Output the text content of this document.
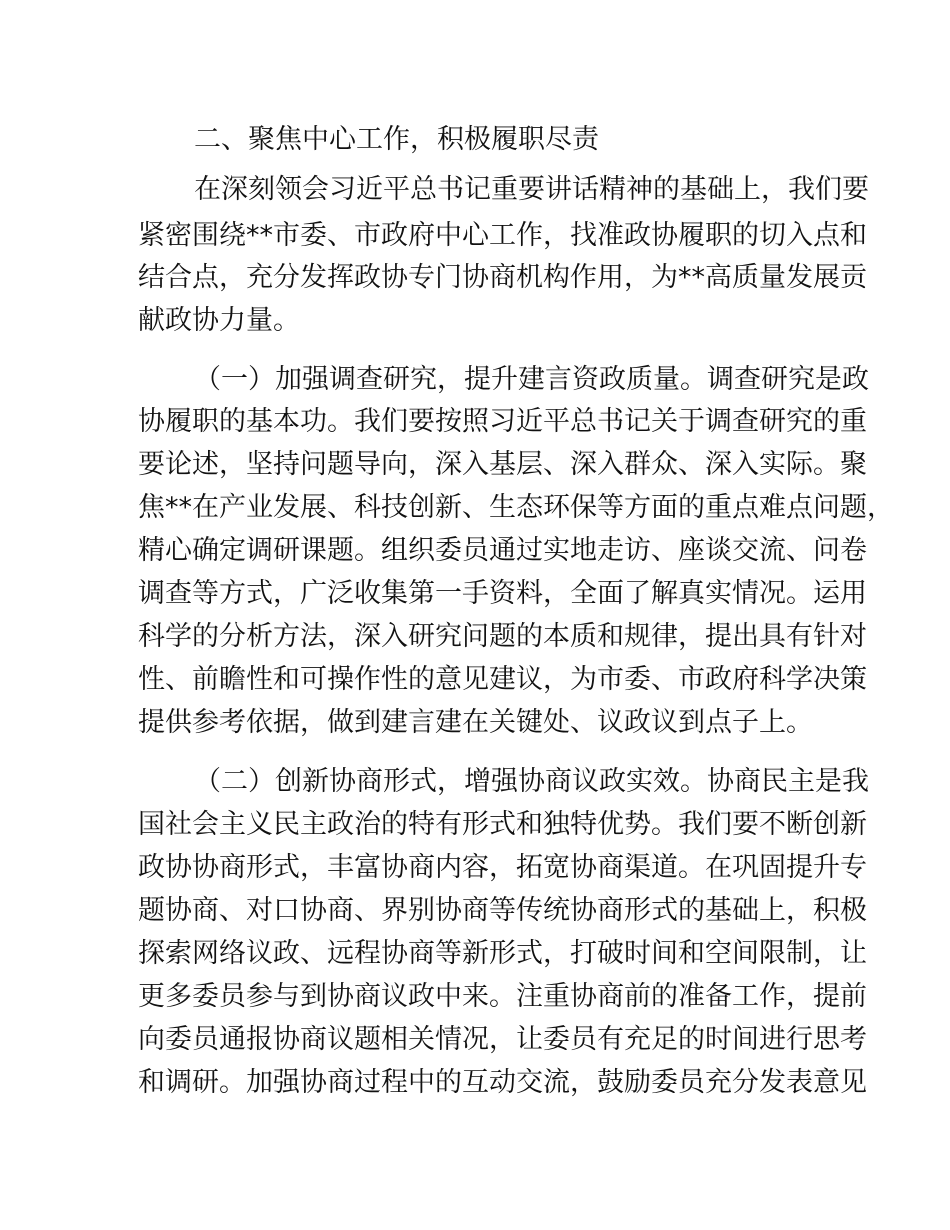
二、聚焦中心工作，积极履职尽责
在深刻领会习近平总书记重要讲话精神的基础上，我们要
紧密围绕**市委、市政府中心工作，找准政协履职的切入点和
结合点，充分发挥政协专门协商机构作用，为**高质量发展贡
献政协力量。
（一）加强调查研究，提升建言资政质量。调查研究是政
协履职的基本功。我们要按照习近平总书记关于调查研究的重
要论述，坚持问题导向，深入基层、深入群众、深入实际。聚
焦**在产业发展、科技创新、生态环保等方面的重点难点问题，
精心确定调研课题。组织委员通过实地走访、座谈交流、问卷
调查等方式，广泛收集第一手资料，全面了解真实情况。运用
科学的分析方法，深入研究问题的本质和规律，提出具有针对
性、前瞻性和可操作性的意见建议，为市委、市政府科学决策
提供参考依据，做到建言建在关键处、议政议到点子上。
（二）创新协商形式，增强协商议政实效。协商民主是我
国社会主义民主政治的特有形式和独特优势。我们要不断创新
政协协商形式，丰富协商内容，拓宽协商渠道。在巩固提升专
题协商、对口协商、界别协商等传统协商形式的基础上，积极
探索网络议政、远程协商等新形式，打破时间和空间限制，让
更多委员参与到协商议政中来。注重协商前的准备工作，提前
向委员通报协商议题相关情况，让委员有充足的时间进行思考
和调研。加强协商过程中的互动交流，鼓励委员充分发表意见
